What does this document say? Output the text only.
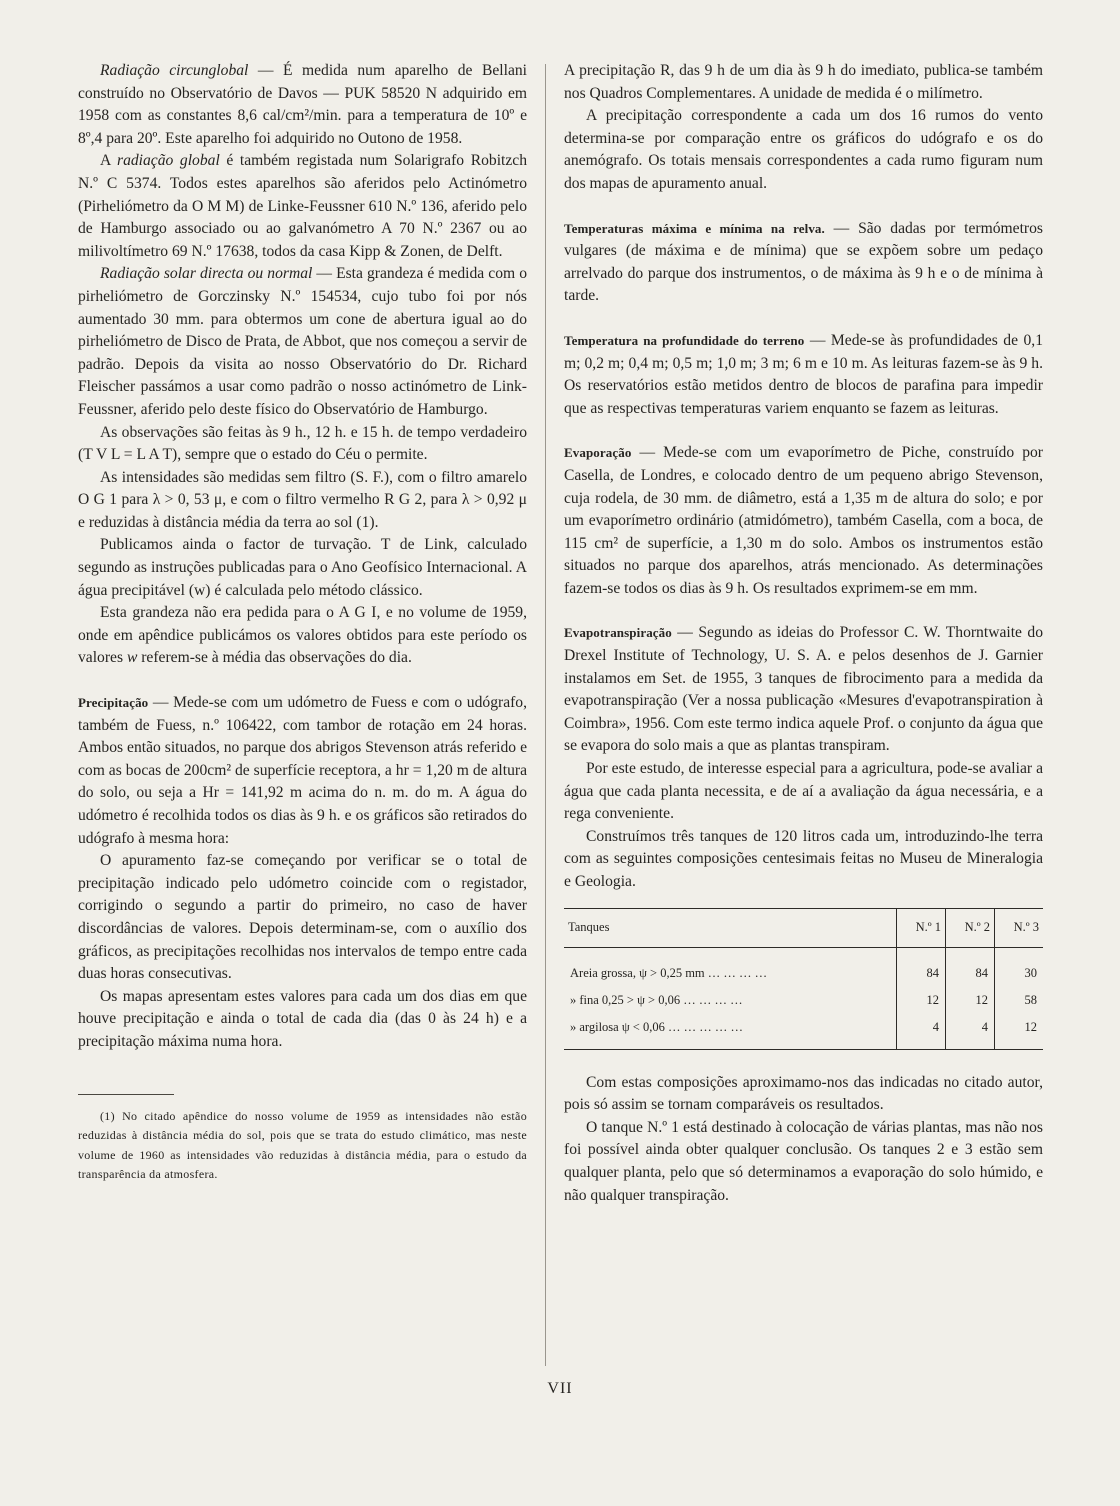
Radiação circunglobal — É medida num aparelho de Bellani construído no Observatório de Davos — PUK 58520 N adquirido em 1958 com as constantes 8,6 cal/cm²/min. para a temperatura de 10º e 8º,4 para 20º. Este aparelho foi adquirido no Outono de 1958.

A radiação global é também registada num Solarigrafo Robitzch N.º C 5374. Todos estes aparelhos são aferidos pelo Actinómetro (Pirheliómetro da O M M) de Linke-Feussner 610 N.º 136, aferido pelo de Hamburgo associado ou ao galvanómetro A 70 N.º 2367 ou ao milivoltímetro 69 N.º 17638, todos da casa Kipp & Zonen, de Delft.

Radiação solar directa ou normal — Esta grandeza é medida com o pirheliómetro de Gorczinsky N.º 154534, cujo tubo foi por nós aumentado 30 mm. para obtermos um cone de abertura igual ao do pirheliómetro de Disco de Prata, de Abbot, que nos começou a servir de padrão. Depois da visita ao nosso Observatório do Dr. Richard Fleischer passámos a usar como padrão o nosso actinómetro de Link-Feussner, aferido pelo deste físico do Observatório de Hamburgo.

As observações são feitas às 9 h., 12 h. e 15 h. de tempo verdadeiro (T V L = L A T), sempre que o estado do Céu o permite.

As intensidades são medidas sem filtro (S. F.), com o filtro amarelo O G 1 para λ > 0, 53 μ, e com o filtro vermelho R G 2, para λ > 0,92 μ e reduzidas à distância média da terra ao sol (1).

Publicamos ainda o factor de turvação. T de Link, calculado segundo as instruções publicadas para o Ano Geofísico Internacional. A água precipitável (w) é calculada pelo método clássico.

Esta grandeza não era pedida para o A G I, e no volume de 1959, onde em apêndice publicámos os valores obtidos para este período os valores w referem-se à média das observações do dia.

Precipitação — Mede-se com um udómetro de Fuess e com o udógrafo, também de Fuess, n.º 106422, com tambor de rotação em 24 horas. Ambos então situados, no parque dos abrigos Stevenson atrás referido e com as bocas de 200cm² de superfície receptora, a hr = 1,20 m de altura do solo, ou seja a Hr = 141,92 m acima do n. m. do m. A água do udómetro é recolhida todos os dias às 9 h. e os gráficos são retirados do udógrafo à mesma hora:

O apuramento faz-se começando por verificar se o total de precipitação indicado pelo udómetro coincide com o registador, corrigindo o segundo a partir do primeiro, no caso de haver discordâncias de valores. Depois determinam-se, com o auxílio dos gráficos, as precipitações recolhidas nos intervalos de tempo entre cada duas horas consecutivas.

Os mapas apresentam estes valores para cada um dos dias em que houve precipitação e ainda o total de cada dia (das 0 às 24 h) e a precipitação máxima numa hora.

(1) No citado apêndice do nosso volume de 1959 as intensidades não estão reduzidas à distância média do sol, pois que se trata do estudo climático, mas neste volume de 1960 as intensidades vão reduzidas à distância média, para o estudo da transparência da atmosfera.

A precipitação R, das 9 h de um dia às 9 h do imediato, publica-se também nos Quadros Complementares. A unidade de medida é o milímetro.

A precipitação correspondente a cada um dos 16 rumos do vento determina-se por comparação entre os gráficos do udógrafo e os do anemógrafo. Os totais mensais correspondentes a cada rumo figuram num dos mapas de apuramento anual.

Temperaturas máxima e mínima na relva. — São dadas por termómetros vulgares (de máxima e de mínima) que se expõem sobre um pedaço arrelvado do parque dos instrumentos, o de máxima às 9 h e o de mínima à tarde.

Temperatura na profundidade do terreno — Mede-se às profundidades de 0,1 m; 0,2 m; 0,4 m; 0,5 m; 1,0 m; 3 m; 6 m e 10 m. As leituras fazem-se às 9 h. Os reservatórios estão metidos dentro de blocos de parafina para impedir que as respectivas temperaturas variem enquanto se fazem as leituras.

Evaporação — Mede-se com um evaporímetro de Piche, construído por Casella, de Londres, e colocado dentro de um pequeno abrigo Stevenson, cuja rodela, de 30 mm. de diâmetro, está a 1,35 m de altura do solo; e por um evaporímetro ordinário (atmidómetro), também Casella, com a boca, de 115 cm² de superfície, a 1,30 m do solo. Ambos os instrumentos estão situados no parque dos aparelhos, atrás mencionado. As determinações fazem-se todos os dias às 9 h. Os resultados exprimem-se em mm.

Evapotranspiração — Segundo as ideias do Professor C. W. Thorntwaite do Drexel Institute of Technology, U. S. A. e pelos desenhos de J. Garnier instalamos em Set. de 1955, 3 tanques de fibrocimento para a medida da evapotranspiração (Ver a nossa publicação «Mesures d'evapotranspiration à Coimbra», 1956. Com este termo indica aquele Prof. o conjunto da água que se evapora do solo mais a que as plantas transpiram.

Por este estudo, de interesse especial para a agricultura, pode-se avaliar a água que cada planta necessita, e de aí a avaliação da água necessária, e a rega conveniente.

Construímos três tanques de 120 litros cada um, introduzindo-lhe terra com as seguintes composições centesimais feitas no Museu de Mineralogia e Geologia.

Tanques	N.º 1	N.º 2	N.º 3
Areia grossa, ψ > 0,25 mm … … … …	84	84	30
» fina 0,25 > ψ > 0,06 … … … …	12	12	58
» argilosa ψ < 0,06 … … … … …	4	4	12

Com estas composições aproximamo-nos das indicadas no citado autor, pois só assim se tornam comparáveis os resultados.

O tanque N.º 1 está destinado à colocação de várias plantas, mas não nos foi possível ainda obter qualquer conclusão. Os tanques 2 e 3 estão sem qualquer planta, pelo que só determinamos a evaporação do solo húmido, e não qualquer transpiração.

VII
